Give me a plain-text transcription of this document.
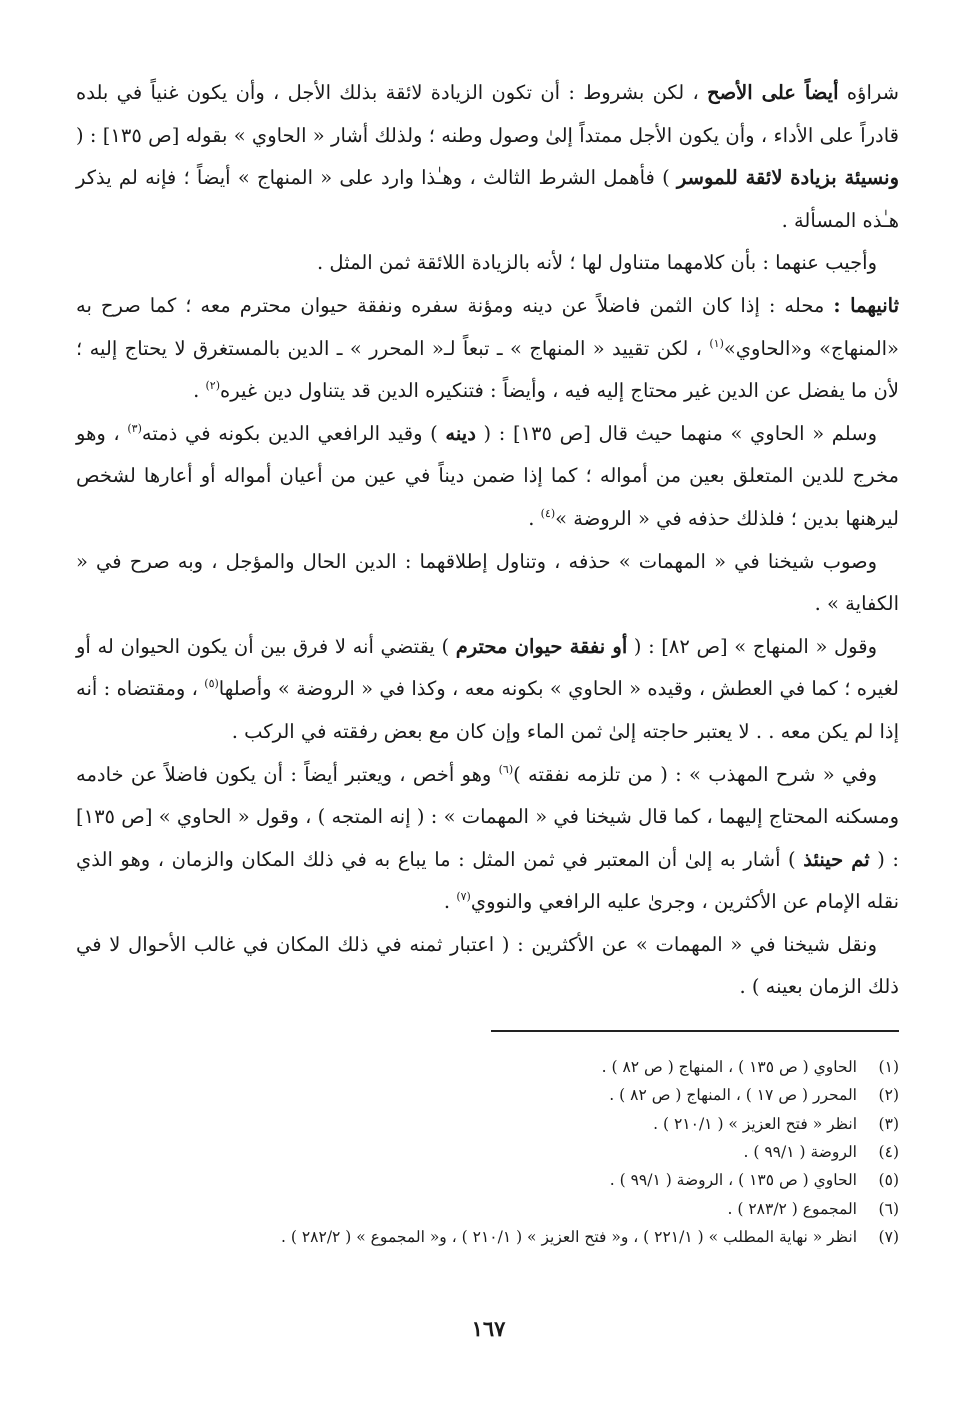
شراؤه أيضاً على الأصح ، لكن بشروط : أن تكون الزيادة لائقة بذلك الأجل ، وأن يكون غنياً في بلده قادراً على الأداء ، وأن يكون الأجل ممتداً إلىٰ وصول وطنه ؛ ولذلك أشار « الحاوي » بقوله [ص ١٣٥] : ( ونسيئة بزيادة لائقة للموسر ) فأهمل الشرط الثالث ، وهـٰذا وارد على « المنهاج » أيضاً ؛ فإنه لم يذكر هـٰذه المسألة .

وأجيب عنهما : بأن كلامهما متناول لها ؛ لأنه بالزيادة اللائقة ثمن المثل .

ثانيهما : محله : إذا كان الثمن فاضلاً عن دينه ومؤنة سفره ونفقة حيوان محترم معه ؛ كما صرح به «المنهاج» و«الحاوي»$^{(١)}$ ، لكن تقييد « المنهاج » ـ تبعاً لـ« المحرر » ـ الدين بالمستغرق لا يحتاج إليه ؛ لأن ما يفضل عن الدين غير محتاج إليه فيه ، وأيضاً : فتنكيره الدين قد يتناول دين غيره$^{(٢)}$ .

وسلم « الحاوي » منهما حيث قال [ص ١٣٥] : ( دينه ) وقيد الرافعي الدين بكونه في ذمته$^{(٣)}$ ، وهو مخرج للدين المتعلق بعين من أمواله ؛ كما إذا ضمن ديناً في عين من أعيان أمواله أو أعارها لشخص ليرهنها بدين ؛ فلذلك حذفه في « الروضة »$^{(٤)}$ .

وصوب شيخنا في « المهمات » حذفه ، وتناول إطلاقهما : الدين الحال والمؤجل ، وبه صرح في « الكفاية » .

وقول « المنهاج » [ص ٨٢] : ( أو نفقة حيوان محترم ) يقتضي أنه لا فرق بين أن يكون الحيوان له أو لغيره ؛ كما في العطش ، وقيده « الحاوي » بكونه معه ، وكذا في « الروضة » وأصلها$^{(٥)}$ ، ومقتضاه : أنه إذا لم يكن معه . . لا يعتبر حاجته إلىٰ ثمن الماء وإن كان مع بعض رفقته في الركب .

وفي « شرح المهذب » : ( من تلزمه نفقته )$^{(٦)}$ وهو أخص ، ويعتبر أيضاً : أن يكون فاضلاً عن خادمه ومسكنه المحتاج إليهما ، كما قال شيخنا في « المهمات » : ( إنه المتجه ) ، وقول « الحاوي » [ص ١٣٥] : ( ثم حينئذ ) أشار به إلىٰ أن المعتبر في ثمن المثل : ما يباع به في ذلك المكان والزمان ، وهو الذي نقله الإمام عن الأكثرين ، وجرىٰ عليه الرافعي والنووي$^{(٧)}$ .

ونقل شيخنا في « المهمات » عن الأكثرين : ( اعتبار ثمنه في ذلك المكان في غالب الأحوال لا في ذلك الزمان بعينه ) .

(١)
الحاوي ( ص ١٣٥ ) ، المنهاج ( ص ٨٢ ) .
(٢)
المحرر ( ص ١٧ ) ، المنهاج ( ص ٨٢ ) .
(٣)
انظر « فتح العزيز » ( ٢١٠/١ ) .
(٤)
الروضة ( ٩٩/١ ) .
(٥)
الحاوي ( ص ١٣٥ ) ، الروضة ( ٩٩/١ ) .
(٦)
المجموع ( ٢٨٣/٢ ) .
(٧)
انظر « نهاية المطلب » ( ٢٢١/١ ) ، و« فتح العزيز » ( ٢١٠/١ ) ، و« المجموع » ( ٢٨٢/٢ ) .
١٦٧
